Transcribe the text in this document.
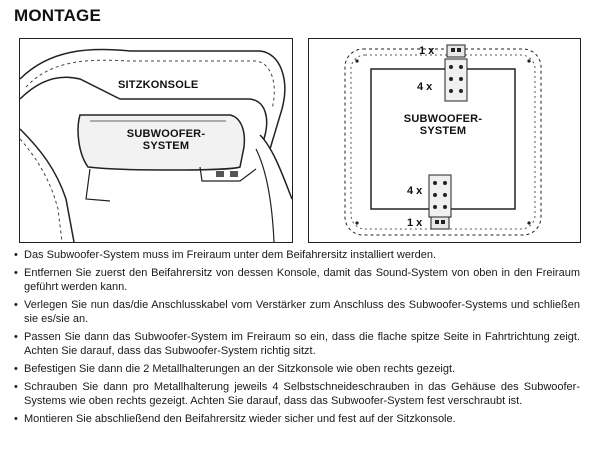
MONTAGE
SITZKONSOLE
SUBWOOFER-
SYSTEM
1 x
4 x
SUBWOOFER-
SYSTEM
4 x
1 x
• Das Subwoofer-System muss im Freiraum unter dem Beifahrersitz installiert werden.
• Entfernen Sie zuerst den Beifahrersitz von dessen Konsole, damit das Sound-System von oben in den Freiraum geführt werden kann.
• Verlegen Sie nun das/die Anschlusskabel vom Verstärker zum Anschluss des Subwoofer-Systems und schließen sie es/sie an.
• Passen Sie dann das Subwoofer-System im Freiraum so ein, dass die flache spitze Seite in Fahrtrichtung zeigt. Achten Sie darauf, dass das Subwoofer-System richtig sitzt.
• Befestigen Sie dann die 2 Metallhalterungen an der Sitzkonsole wie oben rechts gezeigt.
• Schrauben Sie dann pro Metallhalterung jeweils 4 Selbstschneideschrauben in das Gehäuse des Subwoofer-Systems wie oben rechts gezeigt. Achten Sie darauf, dass das Subwoofer-System fest verschraubt ist.
• Montieren Sie abschließend den Beifahrersitz wieder sicher und fest auf der Sitzkonsole.
